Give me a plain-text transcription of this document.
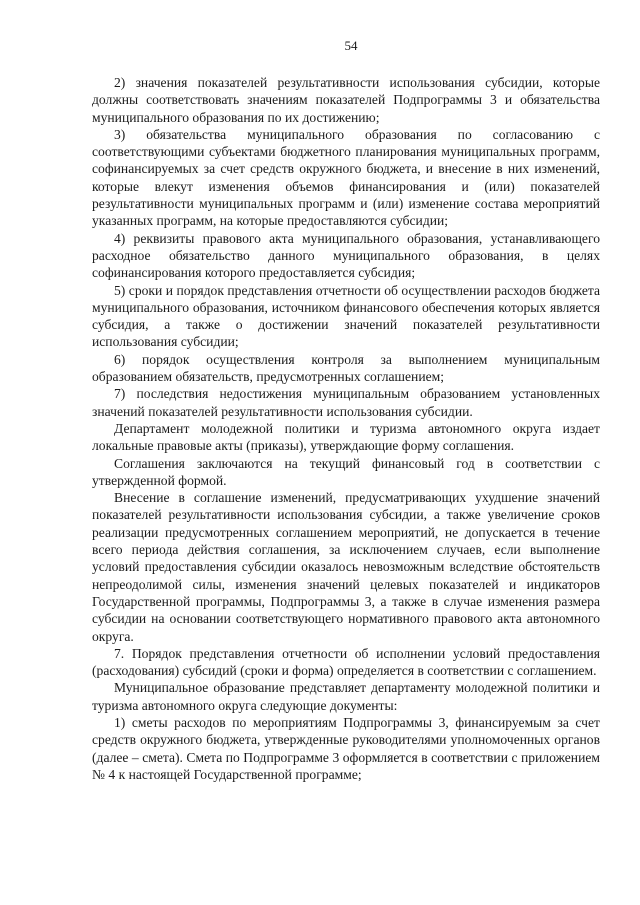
54

2) значения показателей результативности использования субсидии, которые должны соответствовать значениям показателей Подпрограммы 3 и обязательства муниципального образования по их достижению;

3) обязательства муниципального образования по согласованию с соответствующими субъектами бюджетного планирования муниципальных программ, софинансируемых за счет средств окружного бюджета, и внесение в них изменений, которые влекут изменения объемов финансирования и (или) показателей результативности муниципальных программ и (или) изменение состава мероприятий указанных программ, на которые предоставляются субсидии;

4) реквизиты правового акта муниципального образования, устанавливающего расходное обязательство данного муниципального образования, в целях софинансирования которого предоставляется субсидия;

5) сроки и порядок представления отчетности об осуществлении расходов бюджета муниципального образования, источником финансового обеспечения которых является субсидия, а также о достижении значений показателей результативности использования субсидии;

6) порядок осуществления контроля за выполнением муниципальным образованием обязательств, предусмотренных соглашением;

7) последствия недостижения муниципальным образованием установленных значений показателей результативности использования субсидии.

Департамент молодежной политики и туризма автономного округа издает локальные правовые акты (приказы), утверждающие форму соглашения.

Соглашения заключаются на текущий финансовый год в соответствии с утвержденной формой.

Внесение в соглашение изменений, предусматривающих ухудшение значений показателей результативности использования субсидии, а также увеличение сроков реализации предусмотренных соглашением мероприятий, не допускается в течение всего периода действия соглашения, за исключением случаев, если выполнение условий предоставления субсидии оказалось невозможным вследствие обстоятельств непреодолимой силы, изменения значений целевых показателей и индикаторов Государственной программы, Подпрограммы 3, а также в случае изменения размера субсидии на основании соответствующего нормативного правового акта автономного округа.

7. Порядок представления отчетности об исполнении условий предоставления (расходования) субсидий (сроки и форма) определяется в соответствии с соглашением.

Муниципальное образование представляет департаменту молодежной политики и туризма автономного округа следующие документы:

1) сметы расходов по мероприятиям Подпрограммы 3, финансируемым за счет средств окружного бюджета, утвержденные руководителями уполномоченных органов (далее – смета). Смета по Подпрограмме 3 оформляется в соответствии с приложением № 4 к настоящей Государственной программе;
